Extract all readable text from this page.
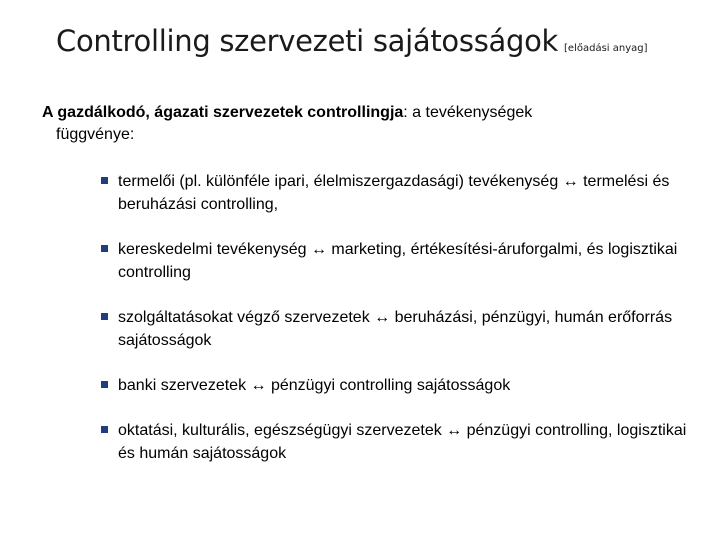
Controlling szervezeti sajátosságok [előadási anyag]
A gazdálkodó, ágazati szervezetek controllingja: a tevékenységek
függvénye:
termelői (pl. különféle ipari, élelmiszergazdasági) tevékenység ↔ termelési és beruházási controlling,
kereskedelmi tevékenység ↔ marketing, értékesítési-áruforgalmi, és logisztikai controlling
szolgáltatásokat végző szervezetek ↔ beruházási, pénzügyi, humán erőforrás sajátosságok
banki szervezetek ↔ pénzügyi controlling sajátosságok
oktatási, kulturális, egészségügyi szervezetek ↔ pénzügyi controlling, logisztikai és humán sajátosságok
